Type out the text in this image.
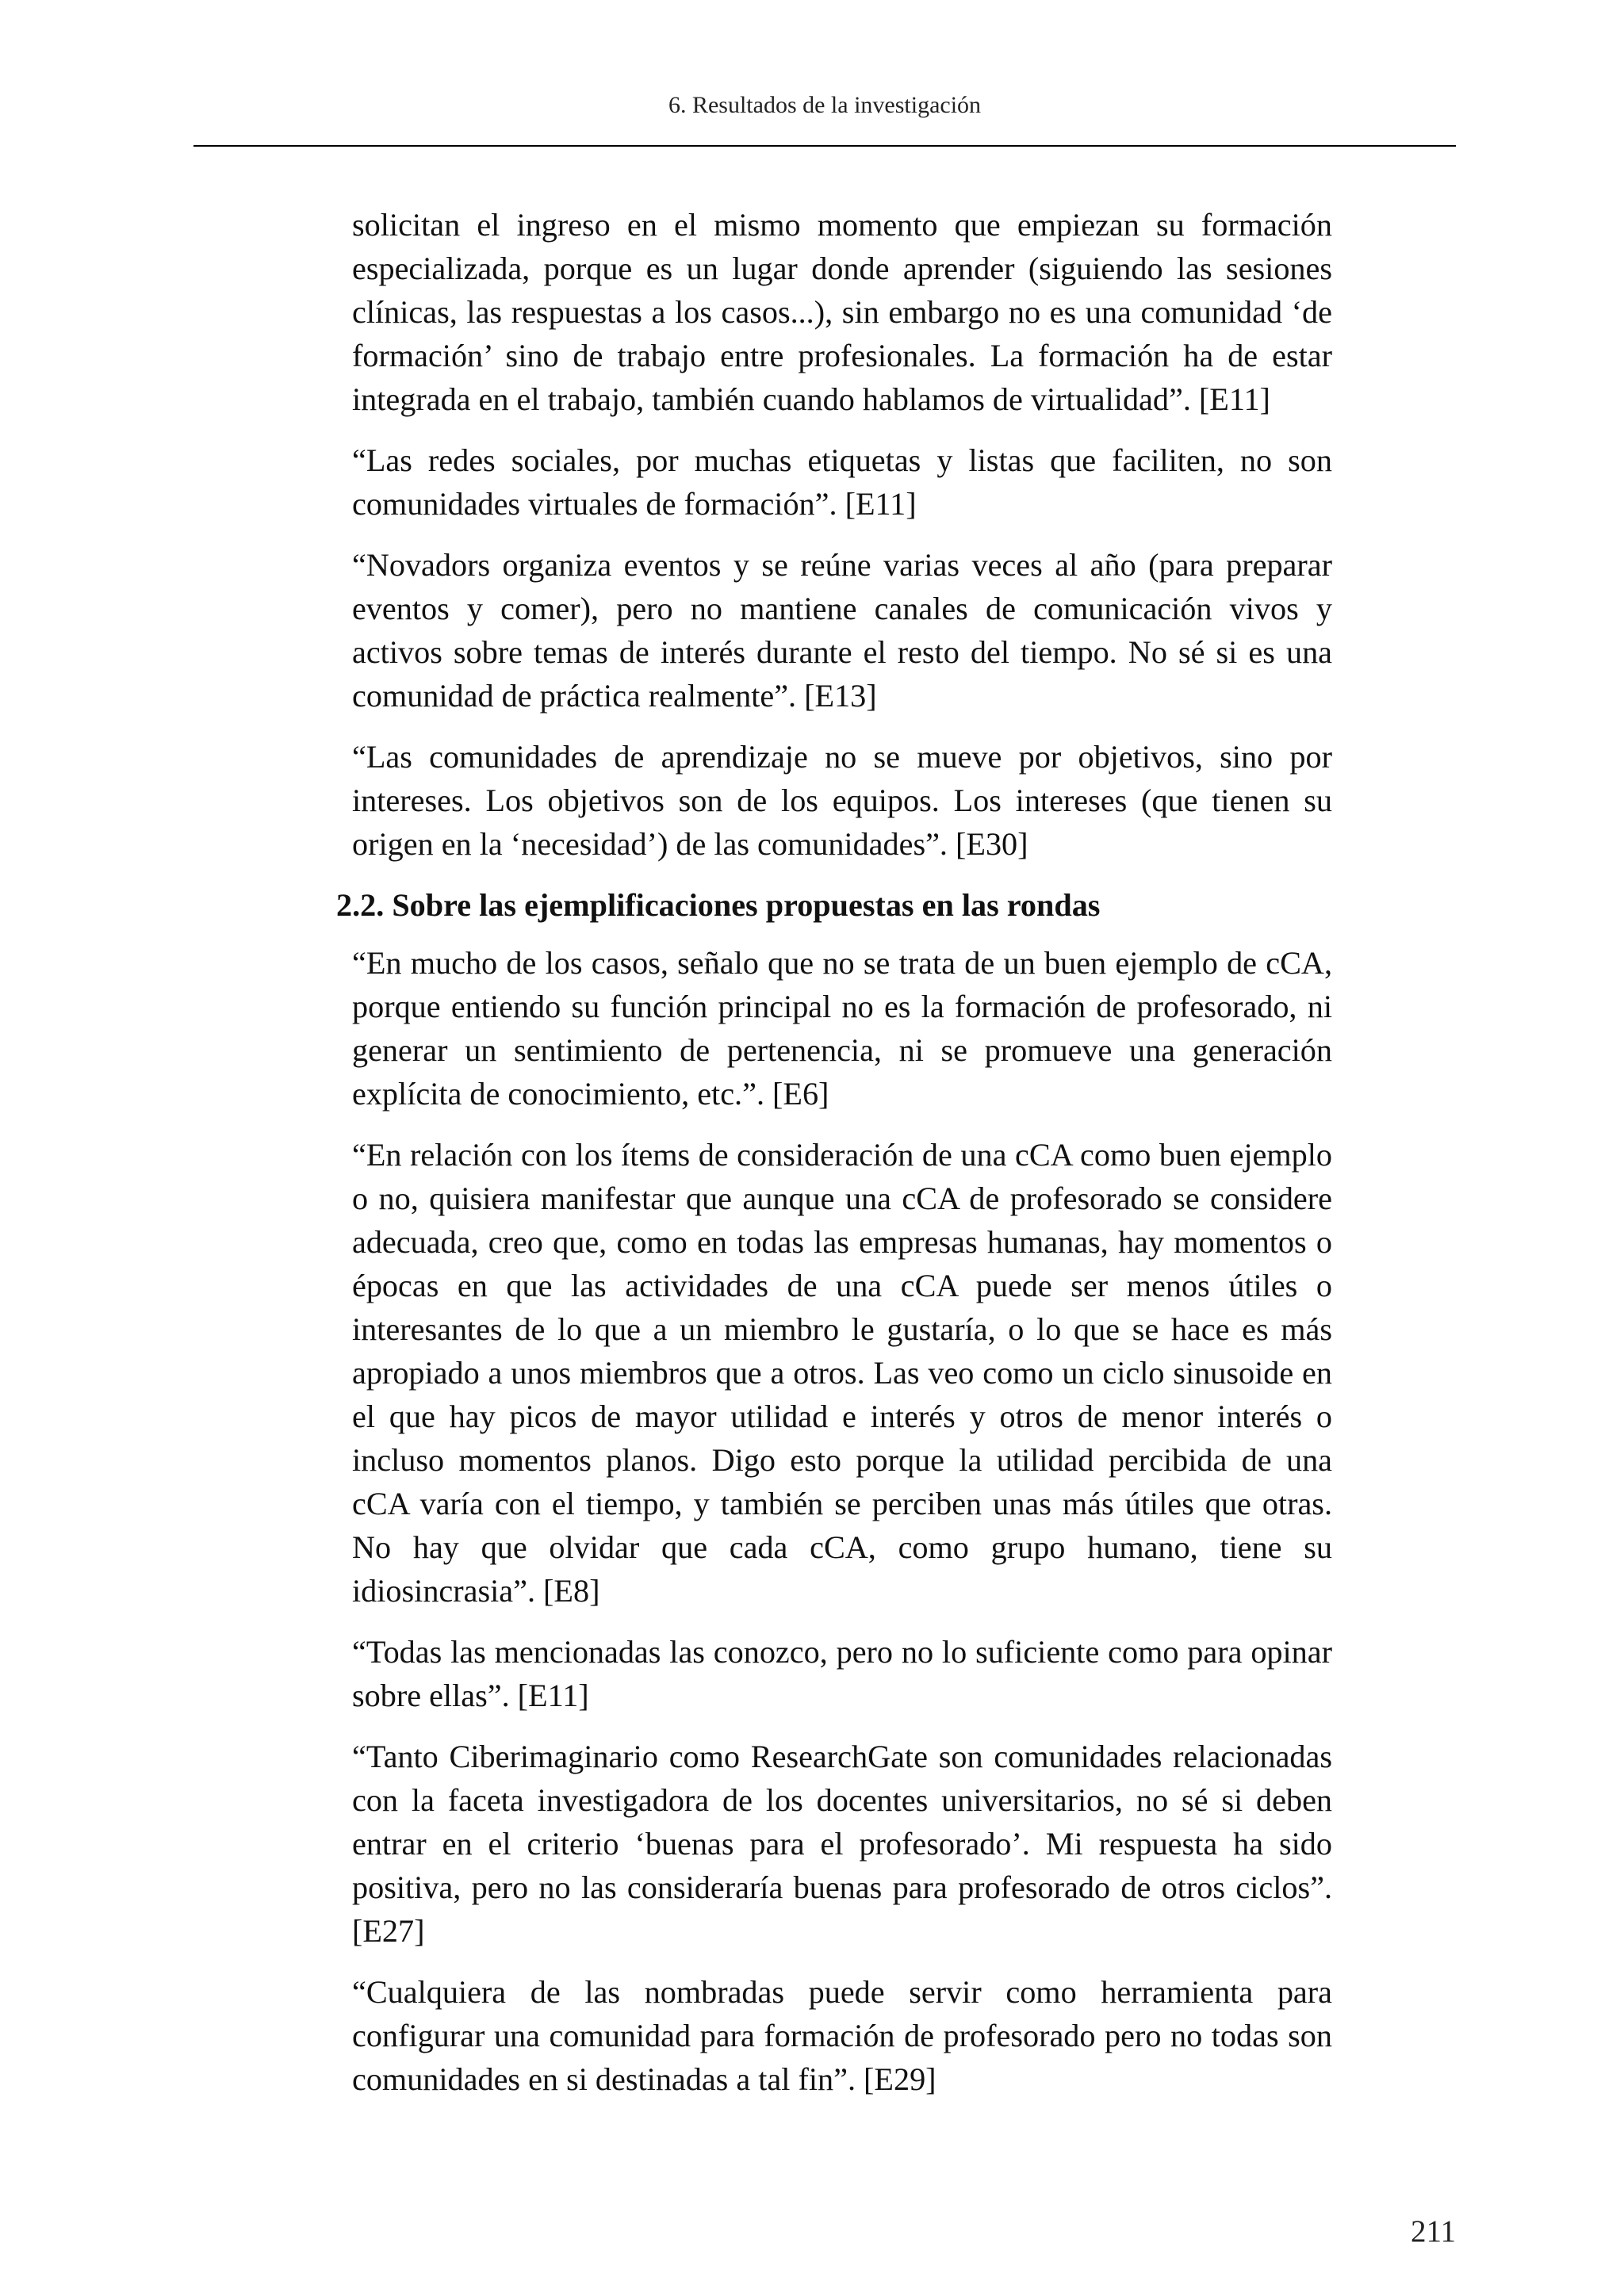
6. Resultados de la investigación

solicitan el ingreso en el mismo momento que empiezan su formación especializada, porque es un lugar donde aprender (siguiendo las sesiones clínicas, las respuestas a los casos...), sin embargo no es una comunidad ‘de formación’ sino de trabajo entre profesionales. La formación ha de estar integrada en el trabajo, también cuando hablamos de virtualidad”. [E11]

“Las redes sociales, por muchas etiquetas y listas que faciliten, no son comunidades virtuales de formación”. [E11]

“Novadors organiza eventos y se reúne varias veces al año (para preparar eventos y comer), pero no mantiene canales de comunicación vivos y activos sobre temas de interés durante el resto del tiempo. No sé si es una comunidad de práctica realmente”. [E13]

“Las comunidades de aprendizaje no se mueve por objetivos, sino por intereses. Los objetivos son de los equipos. Los intereses (que tienen su origen en la ‘necesidad’) de las comunidades”. [E30]

2.2. Sobre las ejemplificaciones propuestas en las rondas

“En mucho de los casos, señalo que no se trata de un buen ejemplo de cCA, porque entiendo su función principal no es la formación de profesorado, ni generar un sentimiento de pertenencia, ni se promueve una generación explícita de conocimiento, etc.”. [E6]

“En relación con los ítems de consideración de una cCA como buen ejemplo o no, quisiera manifestar que aunque una cCA de profesorado se considere adecuada, creo que, como en todas las empresas humanas, hay momentos o épocas en que las actividades de una cCA puede ser menos útiles o interesantes de lo que a un miembro le gustaría, o lo que se hace es más apropiado a unos miembros que a otros. Las veo como un ciclo sinusoide en el que hay picos de mayor utilidad e interés y otros de menor interés o incluso momentos planos. Digo esto porque la utilidad percibida de una cCA varía con el tiempo, y también se perciben unas más útiles que otras. No hay que olvidar que cada cCA, como grupo humano, tiene su idiosincrasia”. [E8]

“Todas las mencionadas las conozco, pero no lo suficiente como para opinar sobre ellas”. [E11]

“Tanto Ciberimaginario como ResearchGate son comunidades relacionadas con la faceta investigadora de los docentes universitarios, no sé si deben entrar en el criterio ‘buenas para el profesorado’. Mi respuesta ha sido positiva, pero no las consideraría buenas para profesorado de otros ciclos”. [E27]

“Cualquiera de las nombradas puede servir como herramienta para configurar una comunidad para formación de profesorado pero no todas son comunidades en si destinadas a tal fin”. [E29]

211
